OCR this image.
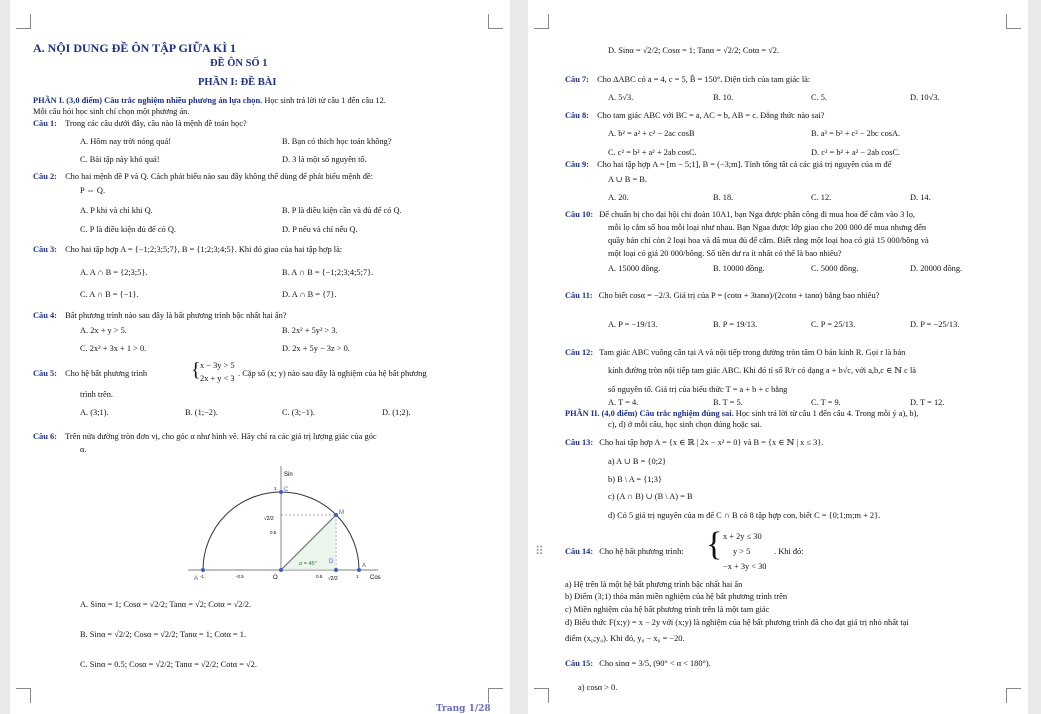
A. NỘI DUNG ĐỀ ÔN TẬP GIỮA KÌ 1
ĐỀ ÔN SỐ 1
PHẦN I: ĐỀ BÀI
PHẦN I. (3,0 điểm) Câu trắc nghiệm nhiều phương án lựa chọn. Học sinh trả lời từ câu 1 đến câu 12.
Mỗi câu hỏi học sinh chỉ chọn một phương án.
Câu 1: Trong các câu dưới đây, câu nào là mệnh đề toán học?
A. Hôm nay trời nóng quá!	B. Bạn có thích học toán không?
C. Bài tập này khó quá!	D. 3 là một số nguyên tố.
Câu 2: Cho hai mệnh đề P và Q. Cách phát biểu nào sau đây không thể dùng để phát biểu mệnh đề:
P ⇔ Q.
A. P khi và chỉ khi Q.	B. P là điều kiện cần và đủ để có Q.
C. P là điều kiện đủ để có Q.	D. P nếu và chỉ nếu Q.
Câu 3: Cho hai tập hợp A = {−1;2;3;5;7}, B = {1;2;3;4;5}. Khi đó giao của hai tập hợp là:
A. A ∩ B = {2;3;5}.	B. A ∩ B = {−1;2;3;4;5;7}.
C. A ∩ B = {−1}.	D. A ∩ B = {7}.
Câu 4: Bất phương trình nào sau đây là bất phương trình bậc nhất hai ẩn?
A. 2x + y > 5.	B. 2x² + 5y² > 3.
C. 2x² + 3x + 1 > 0.	D. 2x + 5y − 3z > 0.
Câu 5: Cho hệ bất phương trình { x − 3y > 5
2x + y < 3
. Cặp số (x; y) nào sau đây là nghiệm của hệ bất phương
trình trên.
A. (3;1).	B. (1;−2).	C. (3;−1).	D. (1;2).
Câu 6: Trên nửa đường tròn đơn vị, cho góc α như hình vẽ. Hãy chỉ ra các giá trị lượng giác của góc
α.
Sin
Cos
α = 45°
C
M
D
A
A	O
√2/2
√2/2
1
0.5
-1	-0.5	0.5	1
A. Sinα = 1; Cosα = √2/2; Tanα = √2; Cotα = √2/2.
B. Sinα = √2/2; Cosα = √2/2; Tanα = 1; Cotα = 1.
C. Sinα = 0.5; Cosα = √2/2; Tanα = √2/2; Cotα = √2.
D. Sinα = √2/2; Cosα = 1; Tanα = √2/2; Cotα = √2.
Câu 7: Cho ΔABC có a = 4, c = 5, B̂ = 150°. Diện tích của tam giác là:
A. 5√3.	B. 10.	C. 5.	D. 10√3.
Câu 8: Cho tam giác ABC với BC = a, AC = b, AB = c. Đẳng thức nào sai?
A. b² = a² + c² − 2ac cosB	B. a² = b² + c² − 2bc cosA.
C. c² = b² + a² + 2ab cosC.	D. c² = b² + a² − 2ab cosC.
Câu 9: Cho hai tập hợp A = [m − 5;1], B = (−3;m]. Tính tổng tất cả các giá trị nguyên của m để
A ∪ B = B.
A. 20.	B. 18.	C. 12.	D. 14.
Câu 10: Để chuẩn bị cho đại hội chi đoàn 10A1, bạn Nga được phân công đi mua hoa để cắm vào 3 lọ,
mỗi lọ cắm số hoa mỗi loại như nhau. Bạn Ngaa được lớp giao cho 200 000 để mua nhưng đến
quầy bán chỉ còn 2 loại hoa và đã mua đủ để cắm. Biết rằng một loại hoa có giá 15 000/bông và
một loại có giá 20 000/bông. Số tiền dư ra ít nhất có thể là bao nhiêu?
A. 15000 đồng.	B. 10000 đồng.	C. 5000 đồng.	D. 20000 đồng.
Câu 11: Cho biết cosα = −2/3. Giá trị của P = (cotα + 3tanα)/(2cotα + tanα) bằng bao nhiêu?
A. P = −19/13.	B. P = 19/13.	C. P = 25/13.	D. P = −25/13.
Câu 12: Tam giác ABC vuông cân tại A và nội tiếp trong đường tròn tâm O bán kính R. Gọi r là bán
kính đường tròn nội tiếp tam giác ABC. Khi đó tỉ số R/r có dạng a + b√c, với a,b,c ∈ ℕ c là
số nguyên tố. Giá trị của biểu thức T = a + b + c bằng
A. T = 4.	B. T = 5.	C. T = 9.	D. T = 12.
PHẦN II. (4,0 điểm) Câu trắc nghiệm đúng sai. Học sinh trả lời từ câu 1 đến câu 4. Trong mỗi ý a), b),
c), d) ở mỗi câu, học sinh chọn đúng hoặc sai.
Câu 13: Cho hai tập hợp A = {x ∈ ℝ | 2x − x² = 0} và B = {x ∈ ℕ | x ≤ 3}.
a) A ∪ B = {0;2}
b) B \ A = {1;3}
c) (A ∩ B) ∪ (B \ A) = B
d) Có 5 giá trị nguyên của m để C ∩ B có 8 tập hợp con, biết C = {0;1;m;m + 2}.
⠿	Câu 14: Cho hệ bất phương trình: { x + 2y ≤ 30
y > 5
−x + 3y < 30
. Khi đó:
a) Hệ trên là một hệ bất phương trình bậc nhất hai ẩn
b) Điểm (3;1) thỏa mãn miền nghiệm của hệ bất phương trình trên
c) Miền nghiệm của hệ bất phương trình trên là một tam giác
d) Biểu thức F(x;y) = x − 2y với (x;y) là nghiệm của hệ bất phương trình đã cho đạt giá trị nhỏ nhất tại
điểm (x₀;y₀). Khi đó, y₀ − x₀ = −20.
Câu 15: Cho sinα = 3/5, (90° < α < 180°).
a) cosα > 0.
Trang 1/28
